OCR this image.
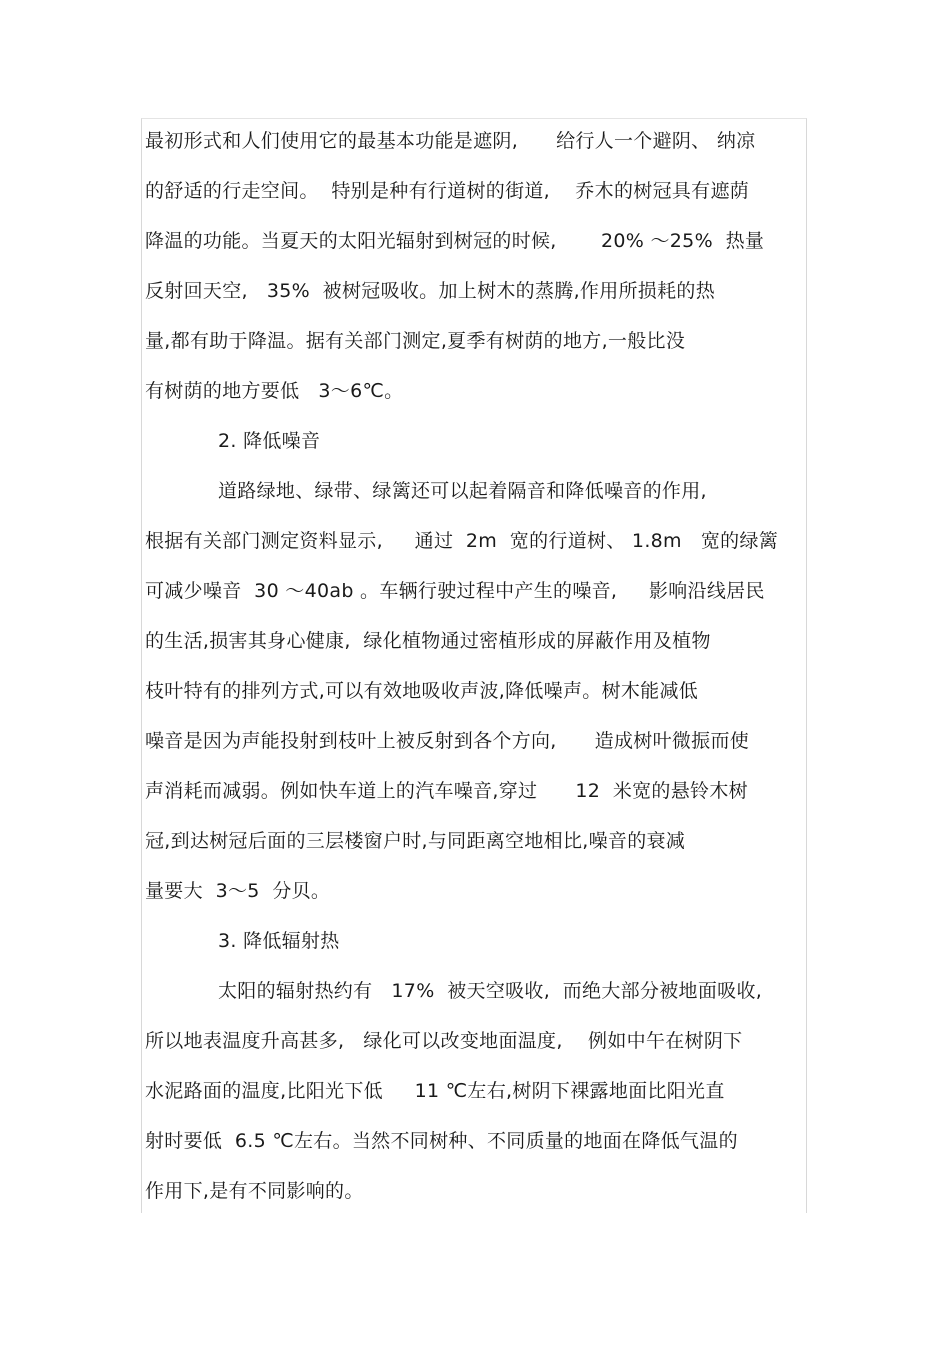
最初形式和人们使用它的最基本功能是遮阴,      给行人一个避阴、 纳凉
的舒适的行走空间。  特别是种有行道树的街道,    乔木的树冠具有遮荫
降温的功能。当夏天的太阳光辐射到树冠的时候,       20% ～25%  热量
反射回天空,   35%  被树冠吸收。加上树木的蒸腾,作用所损耗的热
量,都有助于降温。据有关部门测定,夏季有树荫的地方,一般比没
有树荫的地方要低   3～6℃。
2. 降低噪音
道路绿地、绿带、绿篱还可以起着隔音和降低噪音的作用,
根据有关部门测定资料显示,     通过  2m  宽的行道树、 1.8m   宽的绿篱
可减少噪音  30 ～40ab 。车辆行驶过程中产生的噪音,     影响沿线居民
的生活,损害其身心健康,  绿化植物通过密植形成的屏蔽作用及植物
枝叶特有的排列方式,可以有效地吸收声波,降低噪声。树木能减低
噪音是因为声能投射到枝叶上被反射到各个方向,      造成树叶微振而使
声消耗而减弱。例如快车道上的汽车噪音,穿过      12  米宽的悬铃木树
冠,到达树冠后面的三层楼窗户时,与同距离空地相比,噪音的衰减
量要大  3～5  分贝。
3. 降低辐射热
太阳的辐射热约有   17%  被天空吸收,  而绝大部分被地面吸收,
所以地表温度升高甚多,   绿化可以改变地面温度,    例如中午在树阴下
水泥路面的温度,比阳光下低     11 ℃左右,树阴下裸露地面比阳光直
射时要低  6.5 ℃左右。当然不同树种、不同质量的地面在降低气温的
作用下,是有不同影响的。
